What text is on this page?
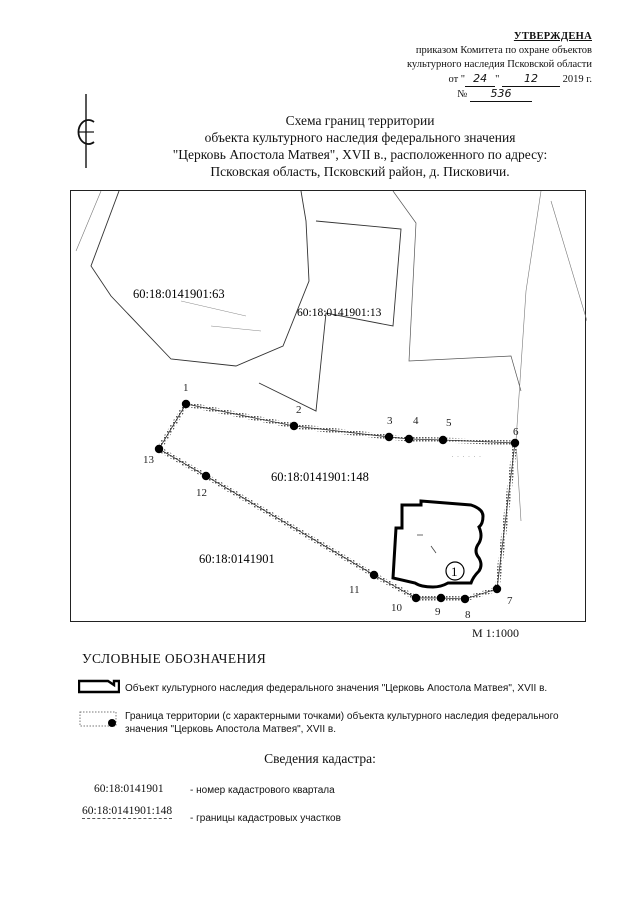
УТВЕРЖДЕНА
приказом Комитета по охране объектов
культурного наследия Псковской области
от " 24 " 12 2019 г.
№ 536
Схема границ территории
объекта культурного наследия федерального значения
"Церковь Апостола Матвея", XVII в., расположенного по адресу:
Псковская область, Псковский район, д. Писковичи.
· · · · · ·
60:18:0141901:63
60:18:0141901:13
60:18:0141901:148
60:18:0141901
1
1
2
3 4	5
6
7
8
9
10
11
12
13
М 1:1000
УСЛОВНЫЕ ОБОЗНАЧЕНИЯ
Объект культурного наследия федерального значения "Церковь Апостола Матвея", XVII в.
Граница территории (с характерными точками) объекта культурного наследия федерального
значения "Церковь Апостола Матвея", XVII в.
Сведения кадастра:
60:18:0141901	- номер кадастрового квартала
60:18:0141901:148
- границы кадастровых участков
